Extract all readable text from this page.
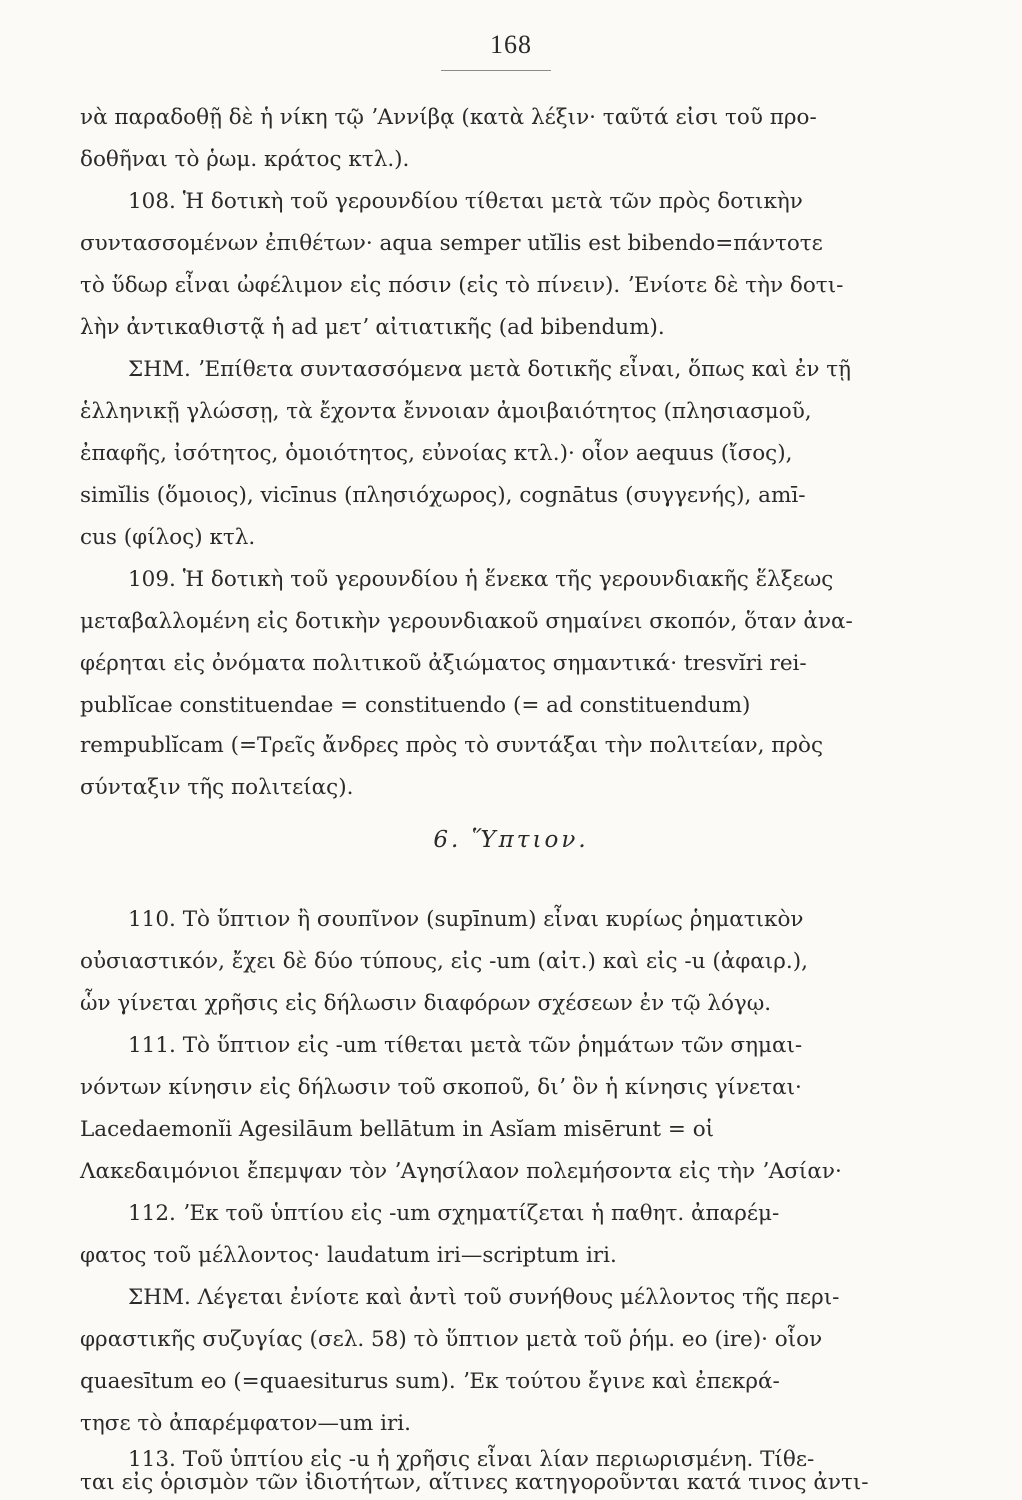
168
νὰ παραδοθῇ δὲ ἡ νίκη τῷ ʼΑννίβᾳ (κατὰ λέξιν· ταῦτά εἰσι τοῦ προ-
δοθῆναι τὸ ῥωμ. κράτος κτλ.).
108. Ἡ δοτικὴ τοῦ γερουνδίου τίθεται μετὰ τῶν πρὸς δοτικὴν
συντασσομένων ἐπιθέτων· aqua semper utĭlis est bibendo=πάντοτε
τὸ ὕδωρ εἶναι ὠφέλιμον εἰς πόσιν (εἰς τὸ πίνειν). ʼΕνίοτε δὲ τὴν δοτι-
λὴν ἀντικαθιστᾷ ἡ ad μετʼ αἰτιατικῆς (ad bibendum).
ΣΗΜ. ʼΕπίθετα συντασσόμενα μετὰ δοτικῆς εἶναι, ὅπως καὶ ἐν τῇ
ἑλληνικῇ γλώσσῃ, τὰ ἔχοντα ἔννοιαν ἀμοιβαιότητος (πλησιασμοῦ,
ἐπαφῆς, ἰσότητος, ὁμοιότητος, εὐνοίας κτλ.)· οἷον aequus (ἴσος),
simĭlis (ὅμοιος), vicīnus (πλησιόχωρος), cognātus (συγγενής), amī-
cus (φίλος) κτλ.
109. Ἡ δοτικὴ τοῦ γερουνδίου ἡ ἕνεκα τῆς γερουνδιακῆς ἕλξεως
μεταβαλλομένη εἰς δοτικὴν γερουνδιακοῦ σημαίνει σκοπόν, ὅταν ἀνα-
φέρηται εἰς ὀνόματα πολιτικοῦ ἀξιώματος σημαντικά· tresvĭri rei-
publĭcae constituendae = constituendo (= ad constituendum)
rempublĭcam (=Τρεῖς ἄνδρες πρὸς τὸ συντάξαι τὴν πολιτείαν, πρὸς
σύνταξιν τῆς πολιτείας).
6. Ὕπτιον.
110. Τὸ ὕπτιον ἢ σουπῖνον (supīnum) εἶναι κυρίως ῥηματικὸν
οὐσιαστικόν, ἔχει δὲ δύο τύπους, εἰς -um (αἰτ.) καὶ εἰς -u (ἀφαιρ.),
ὧν γίνεται χρῆσις εἰς δήλωσιν διαφόρων σχέσεων ἐν τῷ λόγῳ.
111. Τὸ ὕπτιον εἰς -um τίθεται μετὰ τῶν ῥημάτων τῶν σημαι-
νόντων κίνησιν εἰς δήλωσιν τοῦ σκοποῦ, διʼ ὃν ἡ κίνησις γίνεται·
Lacedaemonĭi Agesilāum bellātum in Asĭam misērunt = οἱ
Λακεδαιμόνιοι ἔπεμψαν τὸν ʼΑγησίλαον πολεμήσοντα εἰς τὴν ʼΑσίαν·
112. ʼΕκ τοῦ ὑπτίου εἰς -um σχηματίζεται ἡ παθητ. ἀπαρέμ-
φατος τοῦ μέλλοντος· laudatum iri—scriptum iri.
ΣΗΜ. Λέγεται ἐνίοτε καὶ ἀντὶ τοῦ συνήθους μέλλοντος τῆς περι-
φραστικῆς συζυγίας (σελ. 58) τὸ ὕπτιον μετὰ τοῦ ῥήμ. eo (ire)· οἷον
quaesītum eo (=quaesiturus sum). ʼΕκ τούτου ἔγινε καὶ ἐπεκρά-
τησε τὸ ἀπαρέμφατον—um iri.
113. Τοῦ ὑπτίου εἰς -u ἡ χρῆσις εἶναι λίαν περιωρισμένη. Τίθε-
ται εἰς ὁρισμὸν τῶν ἰδιοτήτων, αἵτινες κατηγοροῦνται κατά τινος ἀντι-
